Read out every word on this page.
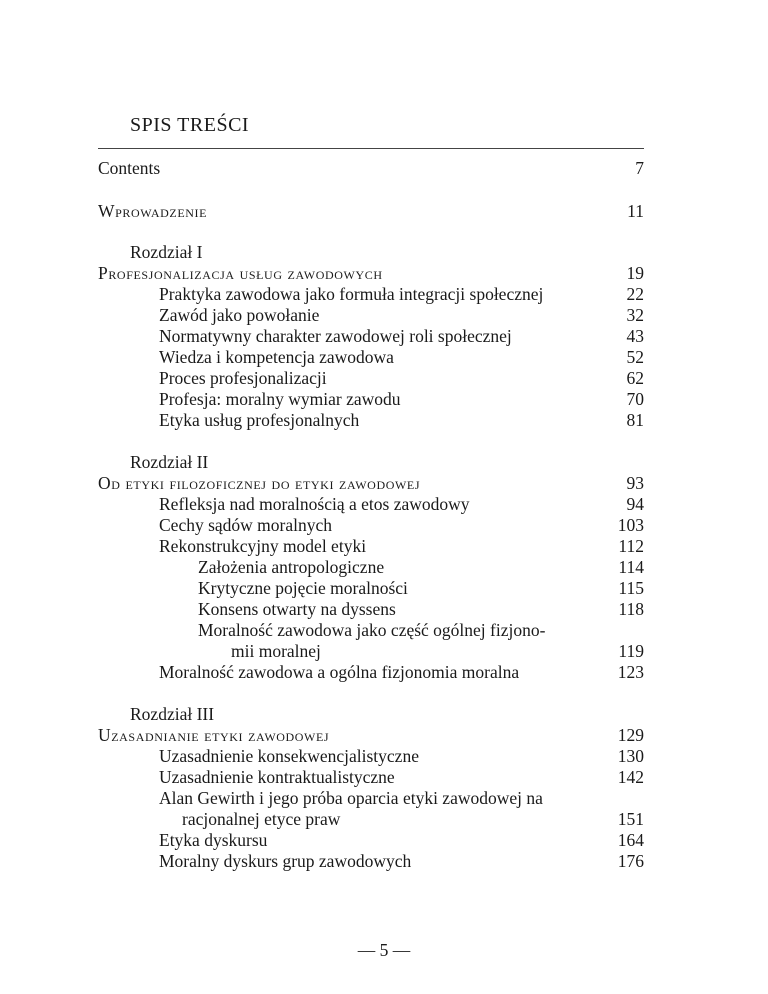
SPIS TREŚCI
Contents	7
Wprowadzenie	11
Rozdział I
Profesjonalizacja usług zawodowych	19
Praktyka zawodowa jako formuła integracji społecznej	22
Zawód jako powołanie	32
Normatywny charakter zawodowej roli społecznej	43
Wiedza i kompetencja zawodowa	52
Proces profesjonalizacji	62
Profesja: moralny wymiar zawodu	70
Etyka usług profesjonalnych	81
Rozdział II
Od etyki filozoficznej do etyki zawodowej	93
Refleksja nad moralnością a etos zawodowy	94
Cechy sądów moralnych	103
Rekonstrukcyjny model etyki	112
Założenia antropologiczne	114
Krytyczne pojęcie moralności	115
Konsens otwarty na dyssens	118
Moralność zawodowa jako część ogólnej fizjono-
mii moralnej	119
Moralność zawodowa a ogólna fizjonomia moralna	123
Rozdział III
Uzasadnianie etyki zawodowej	129
Uzasadnienie konsekwencjalistyczne	130
Uzasadnienie kontraktualistyczne	142
Alan Gewirth i jego próba oparcia etyki zawodowej na
racjonalnej etyce praw	151
Etyka dyskursu	164
Moralny dyskurs grup zawodowych	176
— 5 —
